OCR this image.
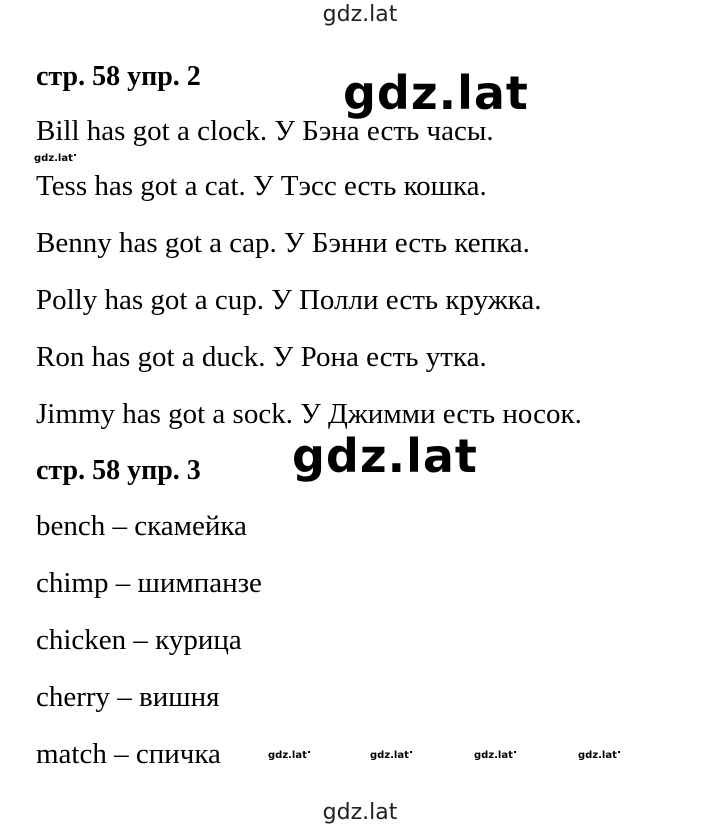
gdz.lat
стр. 58 упр. 2	gdz.lat
Bill has got a clock. У Бэна есть часы.
gdz.lat
Tess has got a cat. У Тэсс есть кошка.
Benny has got a cap. У Бэнни есть кепка.
Polly has got a cup. У Полли есть кружка.
Ron has got a duck. У Рона есть утка.
Jimmy has got a sock. У Джимми есть носок.
стр. 58 упр. 3 gdz.lat
bench – скамейка
chimp – шимпанзе
chicken – курица
cherry – вишня
match – спичка	gdz.lat	gdz.lat	gdz.lat	gdz.lat
gdz.lat
